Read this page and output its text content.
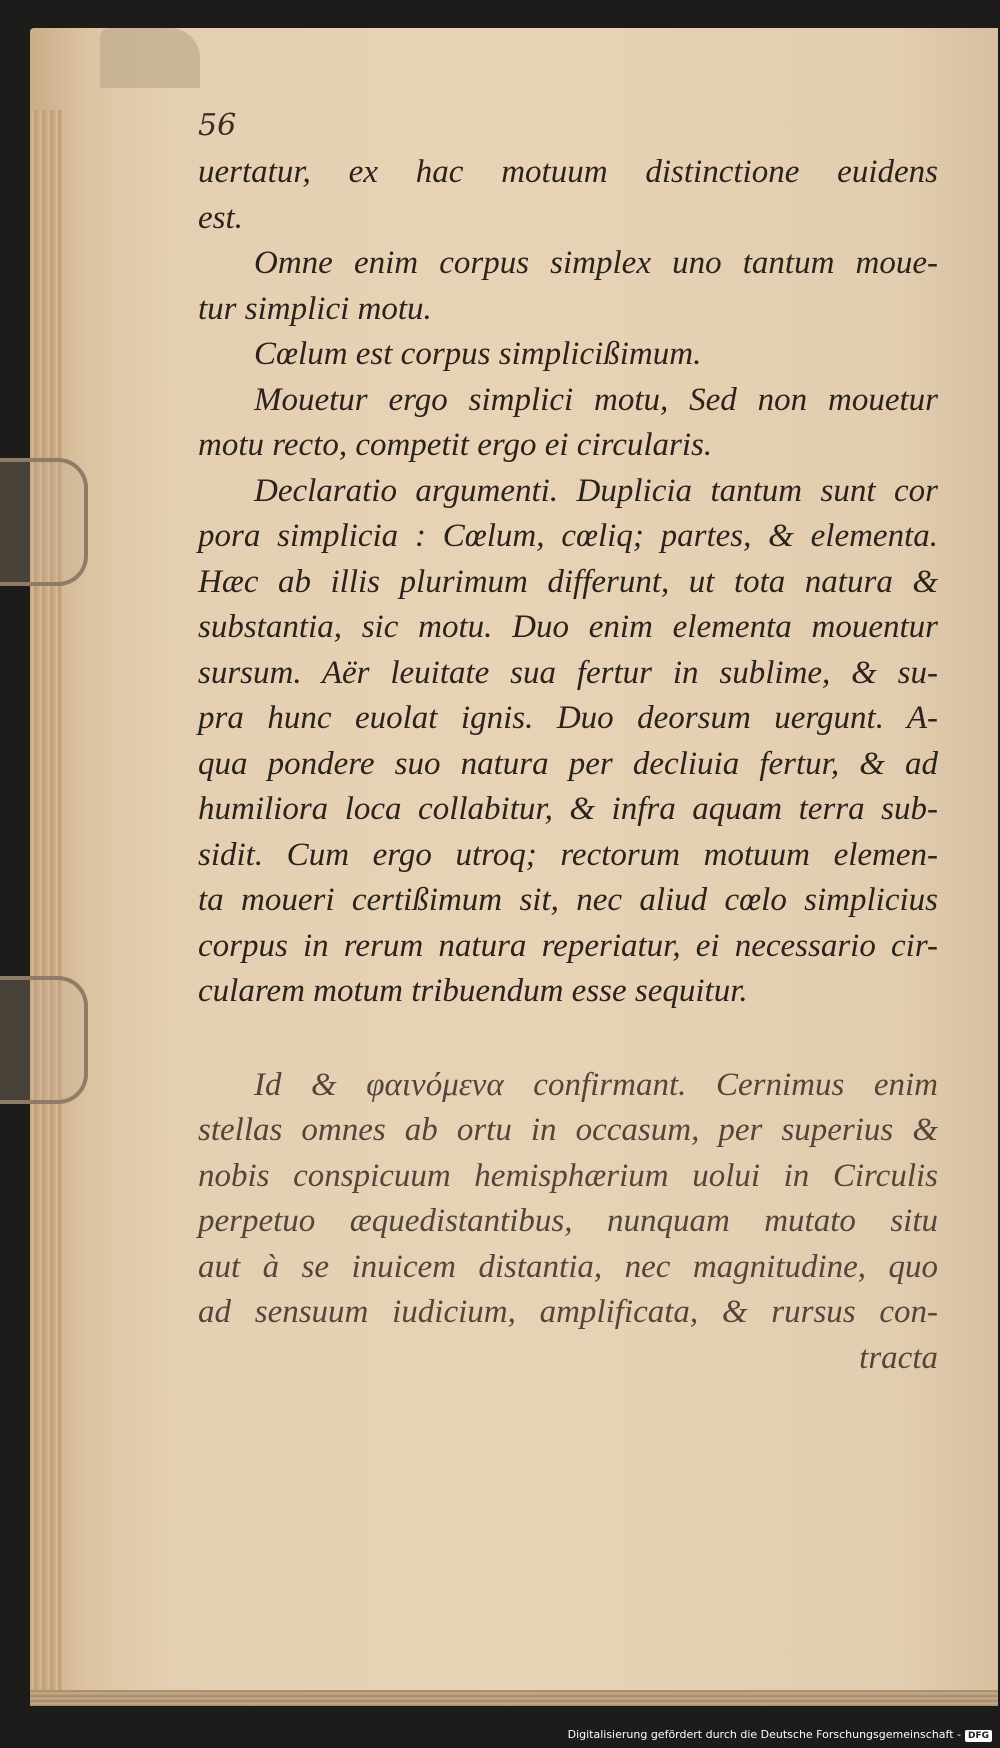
56
uertatur, ex hac motuum distinctione euidens
est.
Omne enim corpus simplex uno tantum moue-
tur simplici motu.
Cœlum est corpus simplicißimum.
Mouetur ergo simplici motu, Sed non mouetur
motu recto, competit ergo ei circularis.
Declaratio argumenti. Duplicia tantum sunt cor
pora simplicia : Cœlum, cœliq; partes, & elementa.
Hæc ab illis plurimum differunt, ut tota natura &
substantia, sic motu. Duo enim elementa mouentur
sursum. Aër leuitate sua fertur in sublime, & su-
pra hunc euolat ignis. Duo deorsum uergunt. A-
qua pondere suo natura per decliuia fertur, & ad
humiliora loca collabitur, & infra aquam terra sub-
sidit. Cum ergo utroq; rectorum motuum elemen-
ta moueri certißimum sit, nec aliud cœlo simplicius
corpus in rerum natura reperiatur, ei necessario cir-
cularem motum tribuendum esse sequitur.
Id & φαινόμενα confirmant. Cernimus enim
stellas omnes ab ortu in occasum, per superius &
nobis conspicuum hemisphærium uolui in Circulis
perpetuo æquedistantibus, nunquam mutato situ
aut à se inuicem distantia, nec magnitudine, quo
ad sensuum iudicium, amplificata, & rursus con-
tracta
Digitalisierung gefördert durch die Deutsche Forschungsgemeinschaft - DFG
